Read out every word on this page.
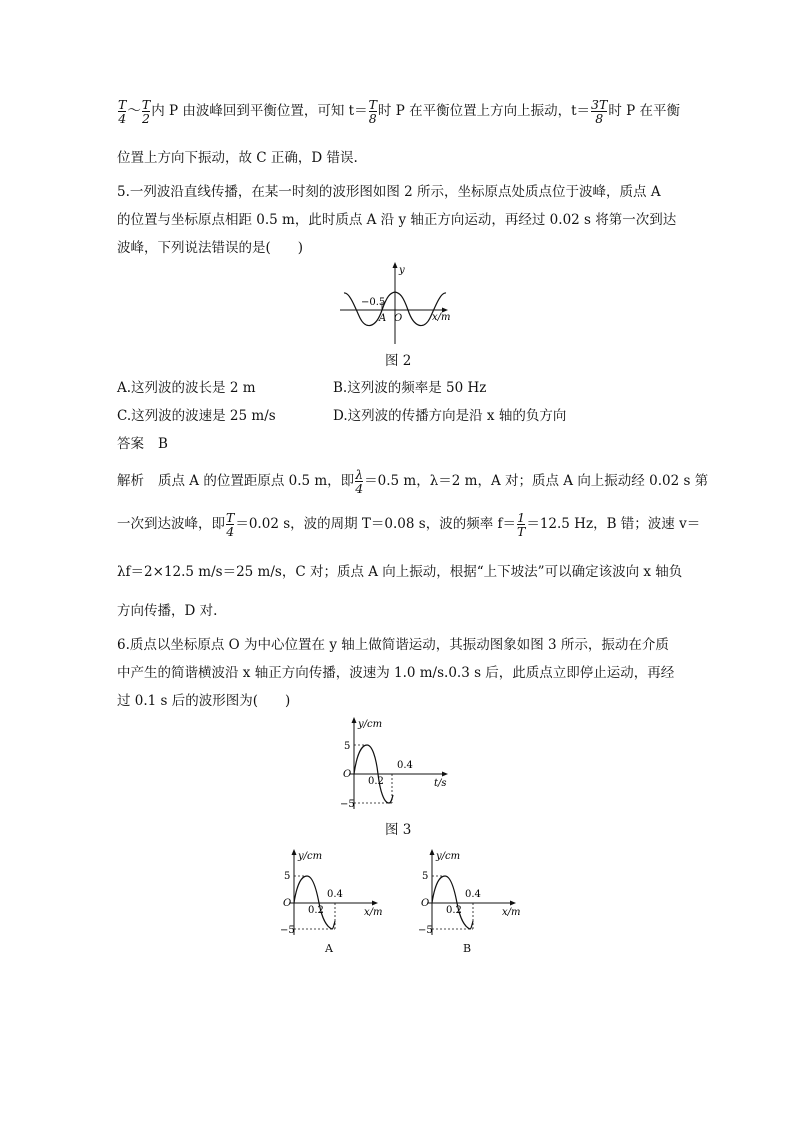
$\frac{T}{4}$ ～ $\frac{T}{2}$ 内 P 由波峰回到平衡位置，可知 $t= \frac{T}{8}$ 时 P 在平衡位置上方向上振动，$t= \frac{3T}{8}$ 时 P 在平衡
位置上方向下振动，故 C 正确，D 错误.
5.一列波沿直线传播，在某一时刻的波形图如图 2 所示，坐标原点处质点位于波峰，质点 A
的位置与坐标原点相距 0.5 m，此时质点 A 沿 y 轴正方向运动，再经过 0.02 s 将第一次到达
波峰，下列说法错误的是(　　)
y
−0.5
A O	x/m
图 2
A.这列波的波长是 2 m	B.这列波的频率是 50 Hz
C.这列波的波速是 25 m/s	D.这列波的传播方向是沿 x 轴的负方向
答案 B
解析 质点 A 的位置距原点 0.5 m，即 $\frac{\lambda}{4} =0.5$ m，λ＝2 m，A 对；质点 A 向上振动经 0.02 s 第
一次到达波峰，即 $\frac{T}{4} =0.02$ s，波的周期 T＝0.08 s，波的频率 $f= \frac{1}{T} =12.5$ Hz，B 错；波速 v＝
λf＝2×12.5 m/s＝25 m/s，C 对；质点 A 向上振动，根据“上下坡法”可以确定该波向 x 轴负
方向传播，D 对.
6.质点以坐标原点 O 为中心位置在 y 轴上做简谐运动，其振动图象如图 3 所示，振动在介质
中产生的简谐横波沿 x 轴正方向传播，波速为 1.0 m/s.0.3 s 后，此质点立即停止运动，再经
过 0.1 s 后的波形图为(　　)
y/cm
5
O
−5
0.2
0.4
t/s
图 3
y/cm
5
O
−5
0.2
0.4
x/m
A
y/cm
5
O
−5
0.2
0.4
x/m
B
